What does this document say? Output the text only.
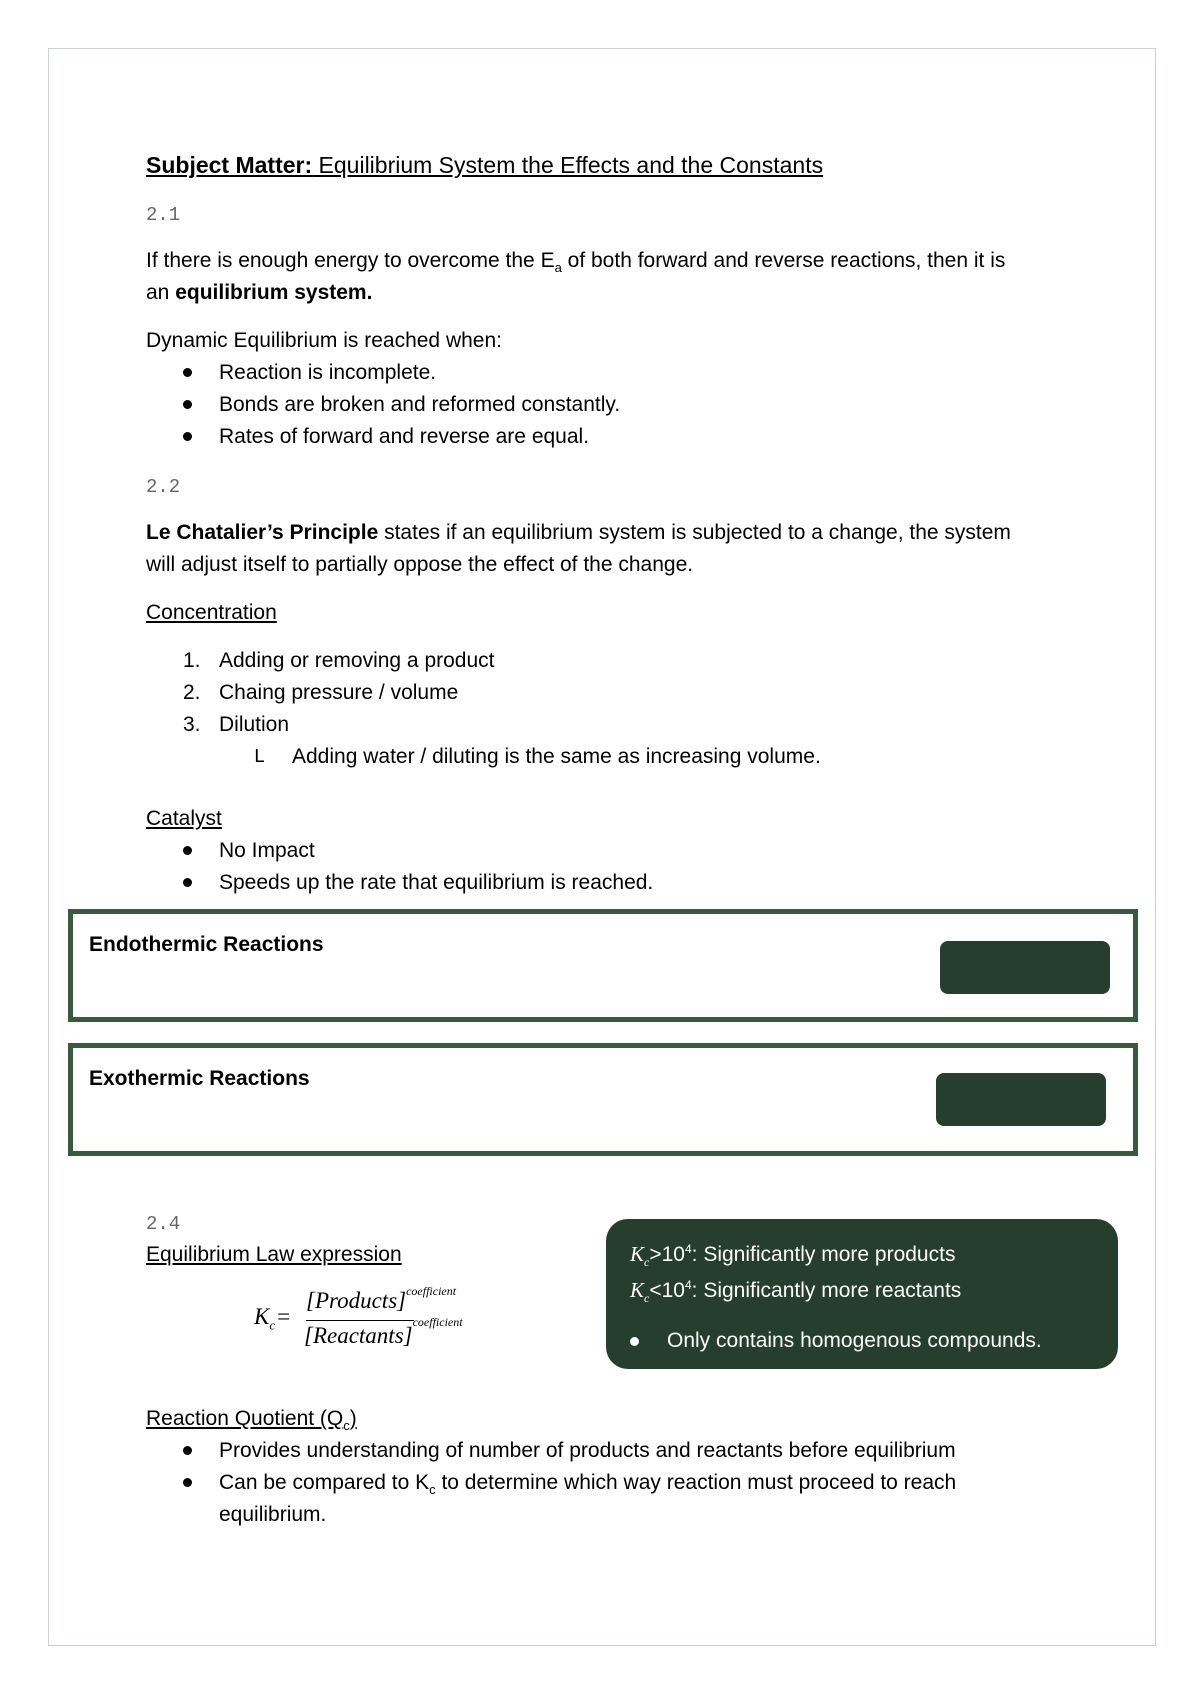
Subject Matter: Equilibrium System the Effects and the Constants
2.1
If there is enough energy to overcome the $E_a$ of both forward and reverse reactions, then it is
an equilibrium system.
Dynamic Equilibrium is reached when:
Reaction is incomplete.
Bonds are broken and reformed constantly.
Rates of forward and reverse are equal.
2.2
Le Chatalier’s Principle states if an equilibrium system is subjected to a change, the system
will adjust itself to partially oppose the effect of the change.
Concentration
1. Adding or removing a product
2. Chaing pressure / volume
3. Dilution
L Adding water / diluting is the same as increasing volume.
Catalyst
No Impact
Speeds up the rate that equilibrium is reached.
Endothermic Reactions
Exothermic Reactions
2.4
Equilibrium Law expression
$K_c=$
[Products]$^{coefficient}$
[Reactants]$^{coefficient}$
$K_c>10^4$: Significantly more products
$K_c<10^4$: Significantly more reactants
Only contains homogenous compounds.
Reaction Quotient $(Q_c)$
Provides understanding of number of products and reactants before equilibrium
Can be compared to $K_c$ to determine which way reaction must proceed to reach
equilibrium.
